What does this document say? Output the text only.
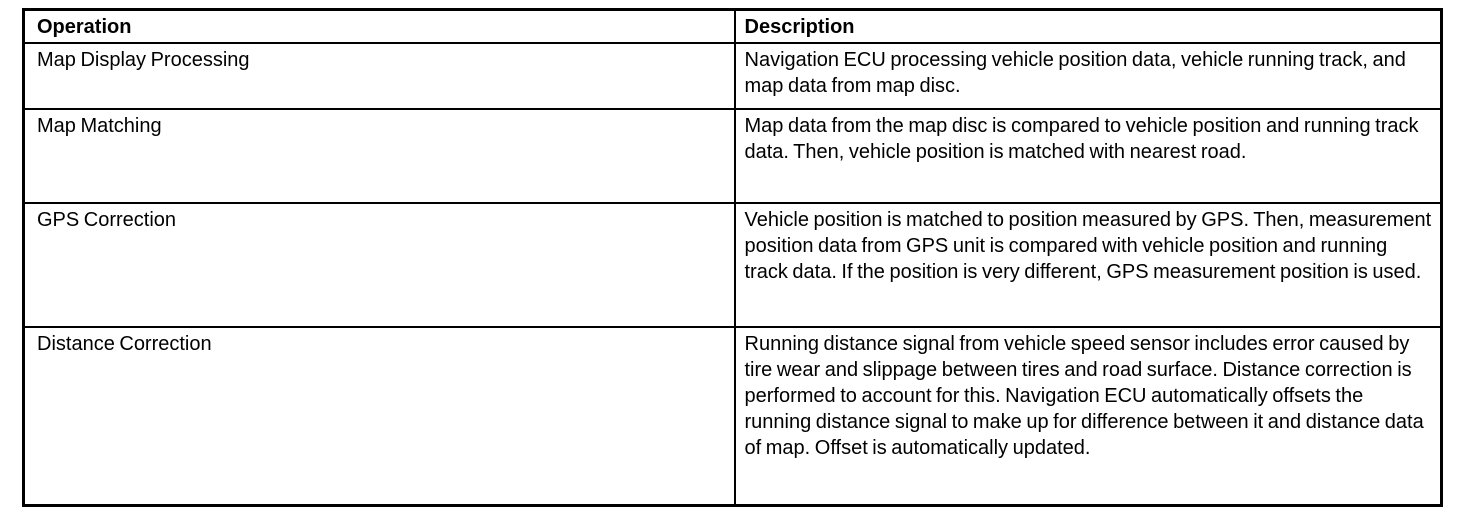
Operation	Description
Map Display Processing	Navigation ECU processing vehicle position data, vehicle running track, and map data from map disc.
Map Matching	Map data from the map disc is compared to vehicle position and running track data. Then, vehicle position is matched with nearest road.
GPS Correction	Vehicle position is matched to position measured by GPS. Then, measurement position data from GPS unit is compared with vehicle position and running track data. If the position is very different, GPS measurement position is used.
Distance Correction	Running distance signal from vehicle speed sensor includes error caused by tire wear and slippage between tires and road surface. Distance correction is performed to account for this. Navigation ECU automatically offsets the running distance signal to make up for difference between it and distance data of map. Offset is automatically updated.
